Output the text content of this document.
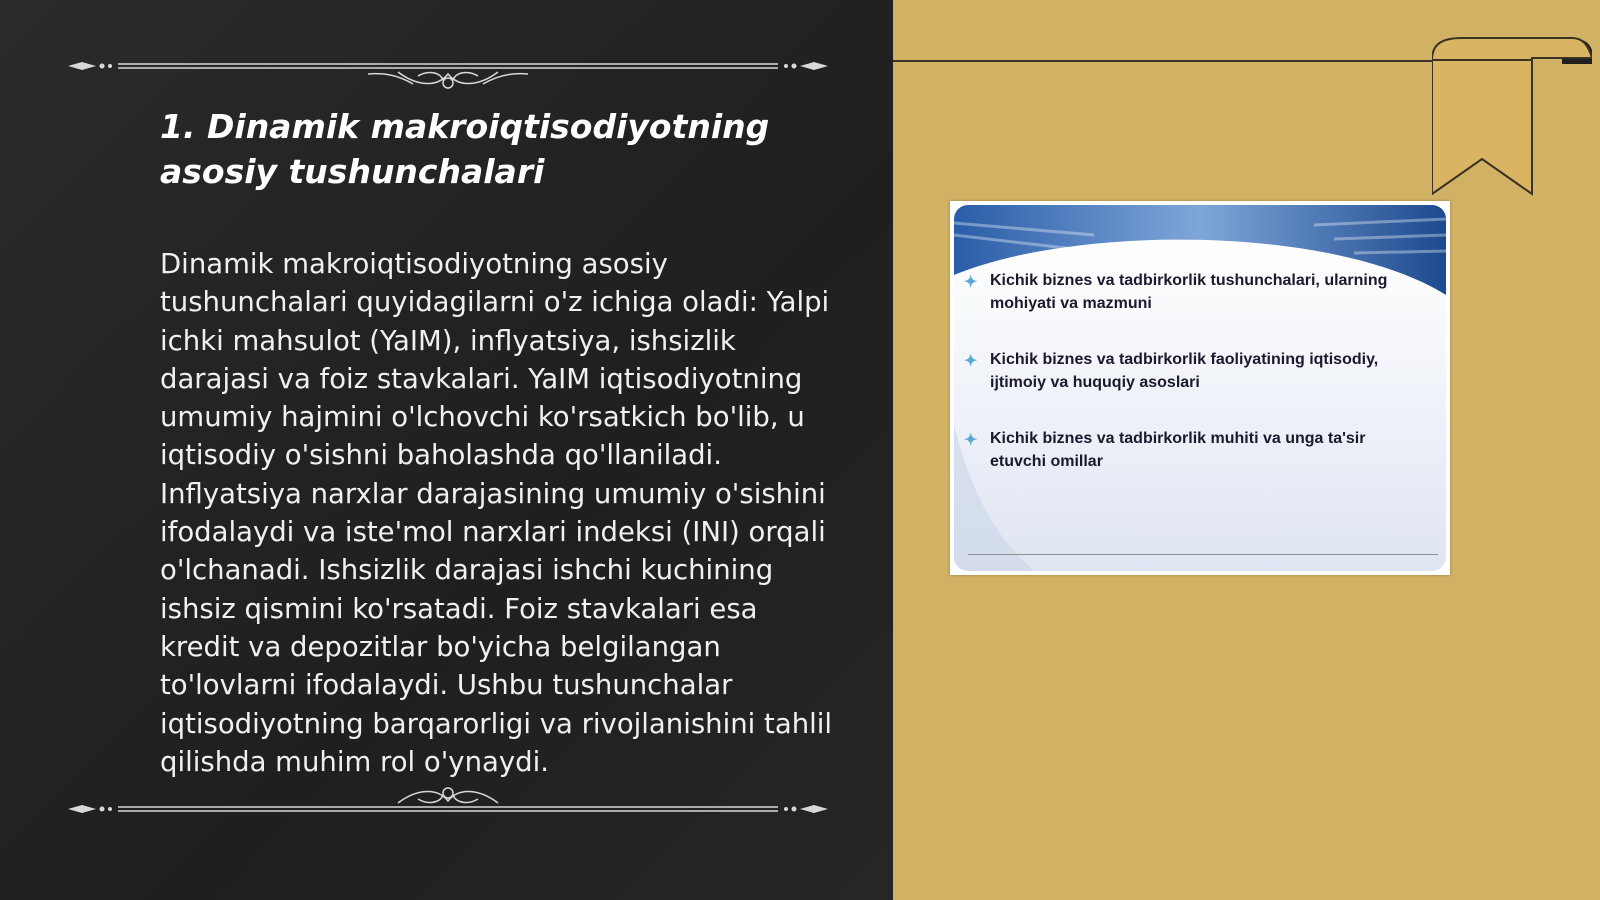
1. Dinamik makroiqtisodiyotning asosiy tushunchalari

Dinamik makroiqtisodiyotning asosiy tushunchalari quyidagilarni o'z ichiga oladi: Yalpi ichki mahsulot (YaIM), inflyatsiya, ishsizlik darajasi va foiz stavkalari. YaIM iqtisodiyotning umumiy hajmini o'lchovchi ko'rsatkich bo'lib, u iqtisodiy o'sishni baholashda qo'llaniladi. Inflyatsiya narxlar darajasining umumiy o'sishini ifodalaydi va iste'mol narxlari indeksi (INI) orqali o'lchanadi. Ishsizlik darajasi ishchi kuchining ishsiz qismini ko'rsatadi. Foiz stavkalari esa kredit va depozitlar bo'yicha belgilangan to'lovlarni ifodalaydi. Ushbu tushunchalar iqtisodiyotning barqarorligi va rivojlanishini tahlil qilishda muhim rol o'ynaydi.

✦ Kichik biznes va tadbirkorlik tushunchalari, ularning mohiyati va mazmuni
✦ Kichik biznes va tadbirkorlik faoliyatining iqtisodiy, ijtimoiy va huquqiy asoslari
✦ Kichik biznes va tadbirkorlik muhiti va unga ta'sir etuvchi omillar
